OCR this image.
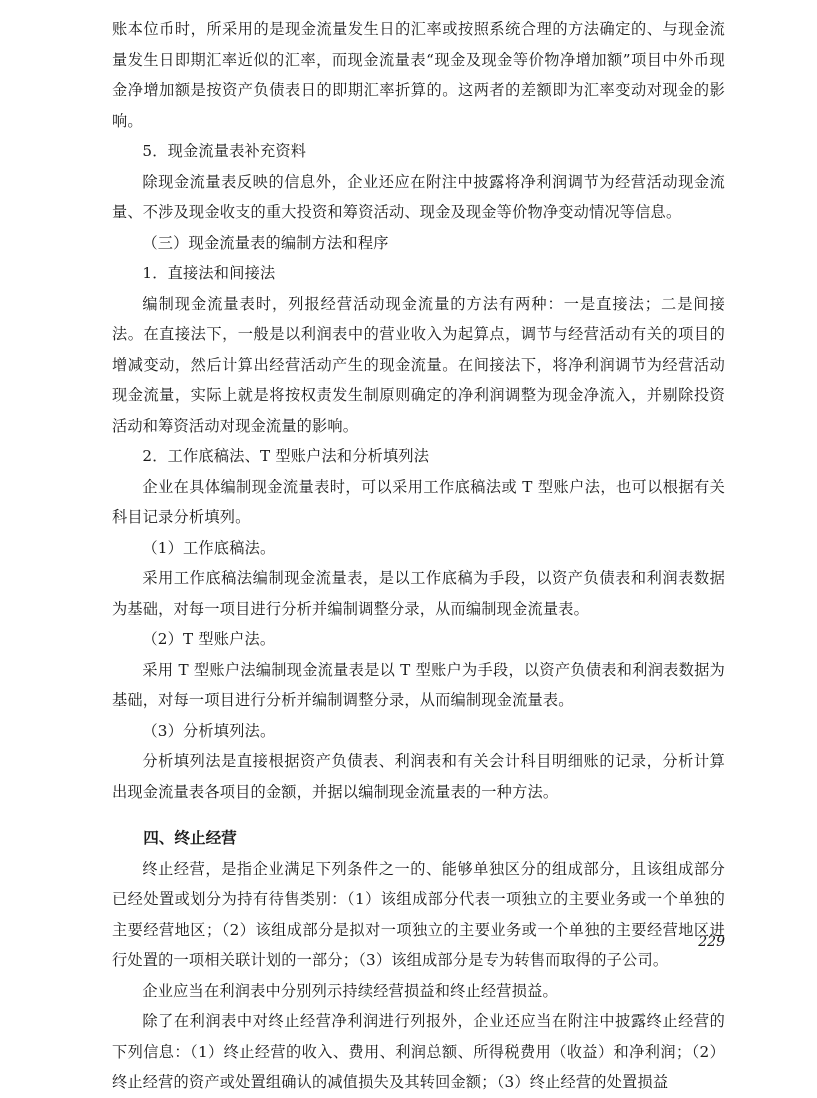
账本位币时，所采用的是现金流量发生日的汇率或按照系统合理的方法确定的、与现金流量发生日即期汇率近似的汇率，而现金流量表“现金及现金等价物净增加额”项目中外币现金净增加额是按资产负债表日的即期汇率折算的。这两者的差额即为汇率变动对现金的影响。

5．现金流量表补充资料

除现金流量表反映的信息外，企业还应在附注中披露将净利润调节为经营活动现金流量、不涉及现金收支的重大投资和筹资活动、现金及现金等价物净变动情况等信息。

（三）现金流量表的编制方法和程序

1．直接法和间接法

编制现金流量表时，列报经营活动现金流量的方法有两种：一是直接法；二是间接法。在直接法下，一般是以利润表中的营业收入为起算点，调节与经营活动有关的项目的增减变动，然后计算出经营活动产生的现金流量。在间接法下，将净利润调节为经营活动现金流量，实际上就是将按权责发生制原则确定的净利润调整为现金净流入，并剔除投资活动和筹资活动对现金流量的影响。

2．工作底稿法、T 型账户法和分析填列法

企业在具体编制现金流量表时，可以采用工作底稿法或 T 型账户法，也可以根据有关科目记录分析填列。

（1）工作底稿法。

采用工作底稿法编制现金流量表，是以工作底稿为手段，以资产负债表和利润表数据为基础，对每一项目进行分析并编制调整分录，从而编制现金流量表。

（2）T 型账户法。

采用 T 型账户法编制现金流量表是以 T 型账户为手段，以资产负债表和利润表数据为基础，对每一项目进行分析并编制调整分录，从而编制现金流量表。

（3）分析填列法。

分析填列法是直接根据资产负债表、利润表和有关会计科目明细账的记录，分析计算出现金流量表各项目的金额，并据以编制现金流量表的一种方法。

四、终止经营

终止经营，是指企业满足下列条件之一的、能够单独区分的组成部分，且该组成部分已经处置或划分为持有待售类别：（1）该组成部分代表一项独立的主要业务或一个单独的主要经营地区；（2）该组成部分是拟对一项独立的主要业务或一个单独的主要经营地区进行处置的一项相关联计划的一部分；（3）该组成部分是专为转售而取得的子公司。

企业应当在利润表中分别列示持续经营损益和终止经营损益。

除了在利润表中对终止经营净利润进行列报外，企业还应当在附注中披露终止经营的下列信息：（1）终止经营的收入、费用、利润总额、所得税费用（收益）和净利润；（2）终止经营的资产或处置组确认的减值损失及其转回金额；（3）终止经营的处置损益

229
